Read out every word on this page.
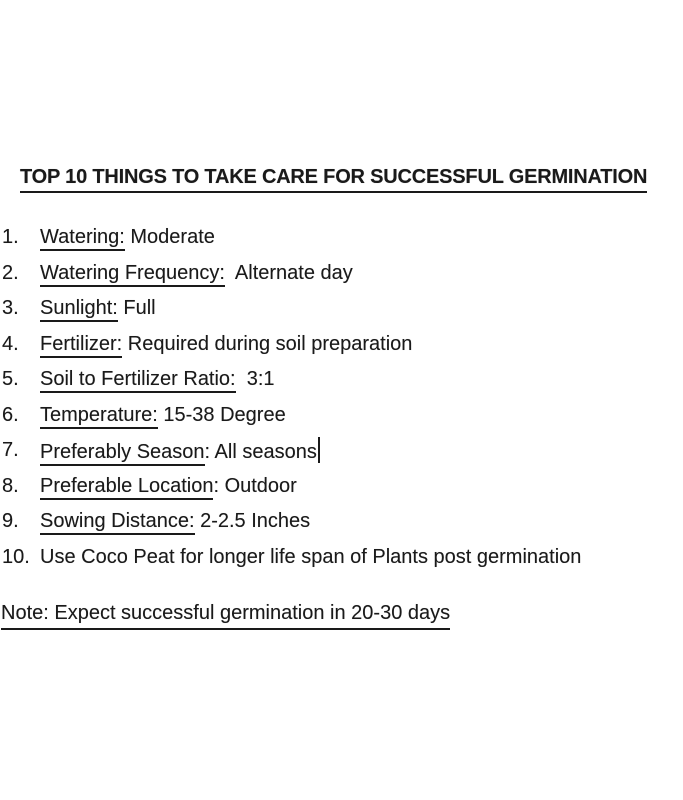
TOP 10 THINGS TO TAKE CARE FOR SUCCESSFUL GERMINATION
1.	Watering: Moderate
2.	Watering Frequency:  Alternate day
3.	Sunlight: Full
4.	Fertilizer: Required during soil preparation
5.	Soil to Fertilizer Ratio:  3:1
6.	Temperature: 15-38 Degree
7.	Preferably Season: All seasons
8.	Preferable Location: Outdoor
9.	Sowing Distance: 2-2.5 Inches
10. Use Coco Peat for longer life span of Plants post germination
Note: Expect successful germination in 20-30 days
